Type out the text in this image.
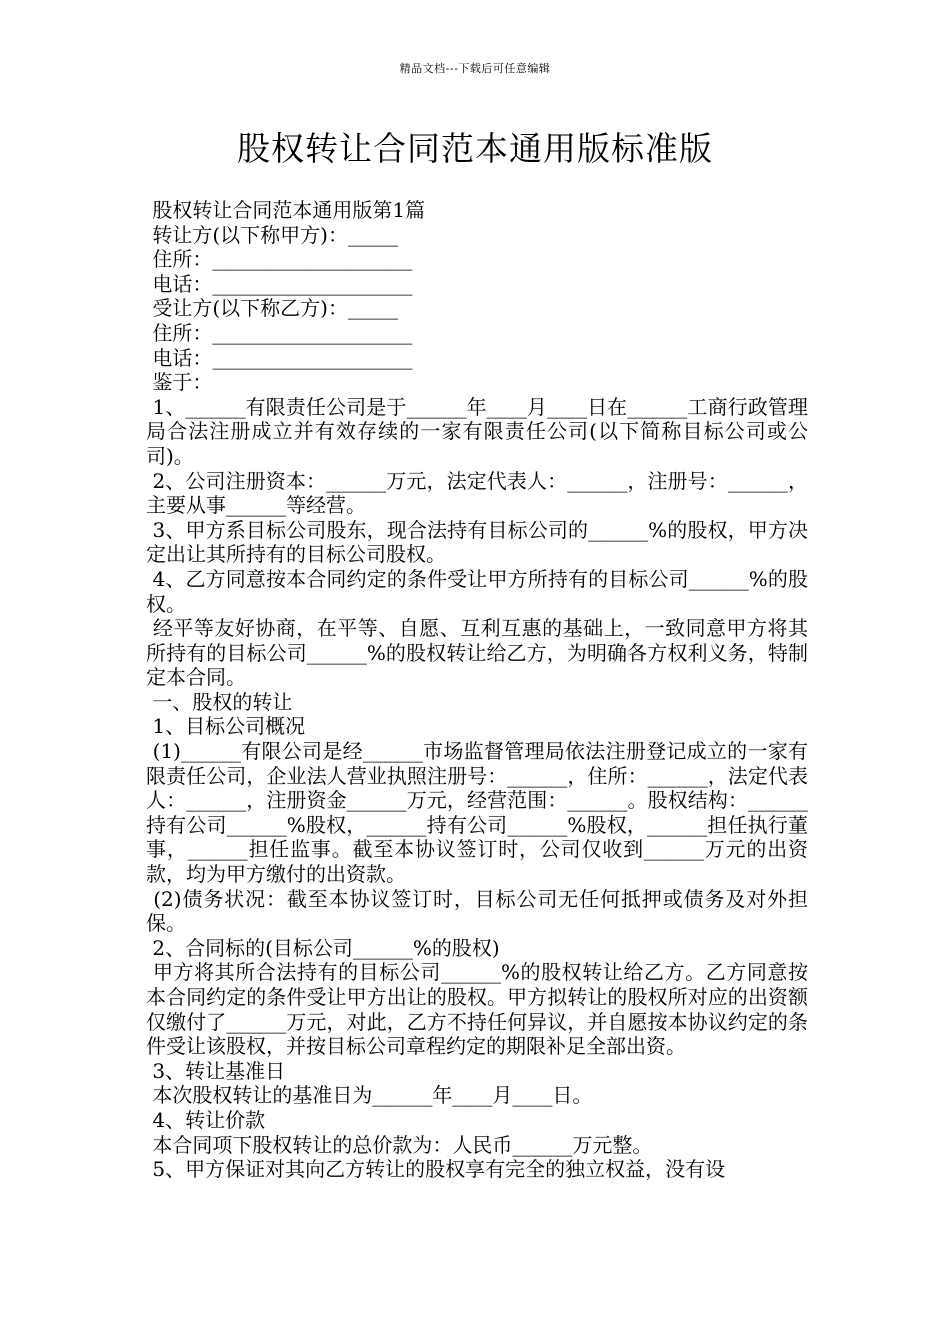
精品文档---下载后可任意编辑
股权转让合同范本通用版标准版

股权转让合同范本通用版第1篇

转让方(以下称甲方)：_____

住所：____________________

电话：____________________

受让方(以下称乙方)：_____

住所：____________________

电话：____________________

鉴于：

1、______有限责任公司是于______年____月____日在______工商行政管理局合法注册成立并有效存续的一家有限责任公司(以下简称目标公司或公司)。

2、公司注册资本：______万元，法定代表人：______，注册号：______，主要从事______等经营。

3、甲方系目标公司股东，现合法持有目标公司的______%的股权，甲方决定出让其所持有的目标公司股权。

4、乙方同意按本合同约定的条件受让甲方所持有的目标公司______%的股权。

经平等友好协商，在平等、自愿、互利互惠的基础上，一致同意甲方将其所持有的目标公司______%的股权转让给乙方，为明确各方权利义务，特制定本合同。

一、股权的转让

1、目标公司概况

(1)______有限公司是经______市场监督管理局依法注册登记成立的一家有限责任公司，企业法人营业执照注册号：______，住所：______，法定代表人：______，注册资金______万元，经营范围：______。股权结构：______持有公司______%股权，______持有公司______%股权，______担任执行董事，______担任监事。截至本协议签订时，公司仅收到______万元的出资款，均为甲方缴付的出资款。

(2)债务状况：截至本协议签订时，目标公司无任何抵押或债务及对外担保。

2、合同标的(目标公司______%的股权)

甲方将其所合法持有的目标公司______%的股权转让给乙方。乙方同意按本合同约定的条件受让甲方出让的股权。甲方拟转让的股权所对应的出资额仅缴付了______万元，对此，乙方不持任何异议，并自愿按本协议约定的条件受让该股权，并按目标公司章程约定的期限补足全部出资。

3、转让基准日

本次股权转让的基准日为______年____月____日。

4、转让价款

本合同项下股权转让的总价款为：人民币______万元整。

5、甲方保证对其向乙方转让的股权享有完全的独立权益，没有设
